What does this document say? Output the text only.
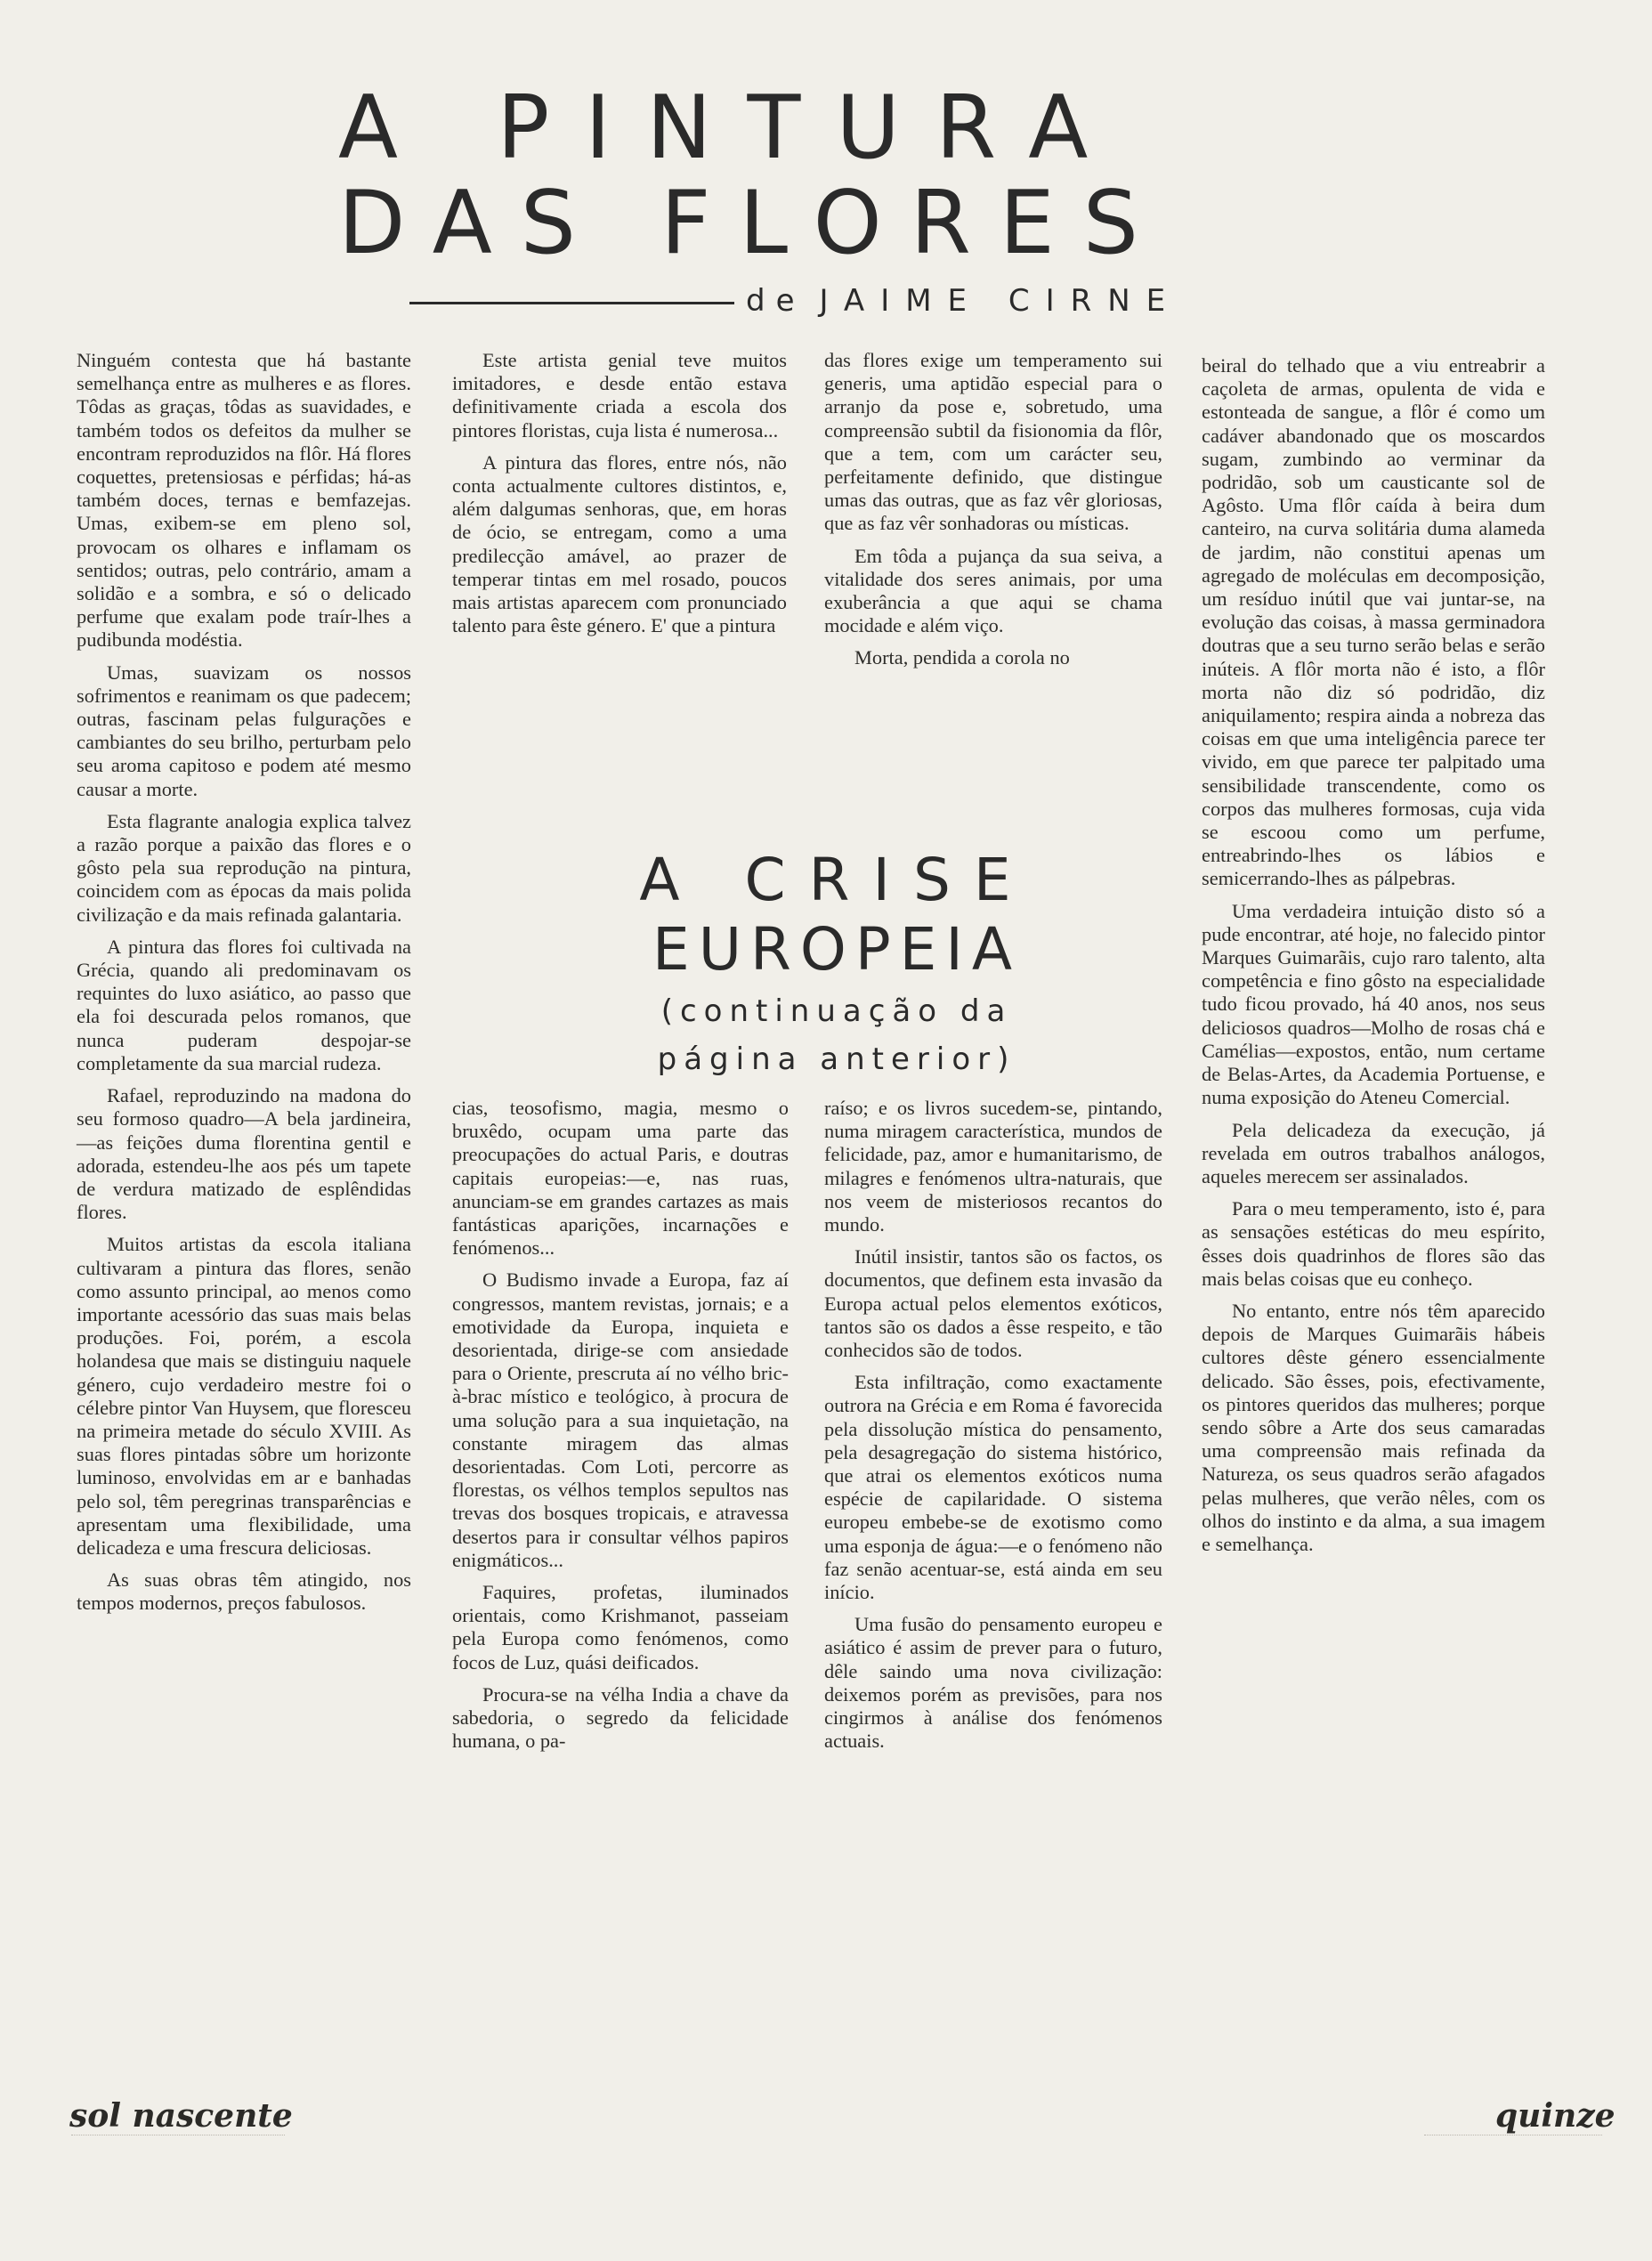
A PINTURA
DAS FLORES
de JAIME CIRNE

Ninguém contesta que há bastante semelhança entre as mulheres e as flores. Tôdas as graças, tôdas as suavidades, e também todos os defeitos da mulher se encontram reproduzidos na flôr. Há flores coquettes, pretensiosas e pérfidas; há-as também doces, ternas e bemfazejas. Umas, exibem-se em pleno sol, provocam os olhares e inflamam os sentidos; outras, pelo contrário, amam a solidão e a sombra, e só o delicado perfume que exalam pode traír-lhes a pudibunda modéstia.

Umas, suavizam os nossos sofrimentos e reanimam os que padecem; outras, fascinam pelas fulgurações e cambiantes do seu brilho, perturbam pelo seu aroma capitoso e podem até mesmo causar a morte.

Esta flagrante analogia explica talvez a razão porque a paixão das flores e o gôsto pela sua reprodução na pintura, coincidem com as épocas da mais polida civilização e da mais refinada galantaria.

A pintura das flores foi cultivada na Grécia, quando ali predominavam os requintes do luxo asiático, ao passo que ela foi descurada pelos romanos, que nunca puderam despojar-se completamente da sua marcial rudeza.

Rafael, reproduzindo na madona do seu formoso quadro—A bela jardineira,—as feições duma florentina gentil e adorada, estendeu-lhe aos pés um tapete de verdura matizado de esplêndidas flores.

Muitos artistas da escola italiana cultivaram a pintura das flores, senão como assunto principal, ao menos como importante acessório das suas mais belas produções. Foi, porém, a escola holandesa que mais se distinguiu naquele género, cujo verdadeiro mestre foi o célebre pintor Van Huysem, que floresceu na primeira metade do século XVIII. As suas flores pintadas sôbre um horizonte luminoso, envolvidas em ar e banhadas pelo sol, têm peregrinas transparências e apresentam uma flexibilidade, uma delicadeza e uma frescura deliciosas.

As suas obras têm atingido, nos tempos modernos, preços fabulosos.

Este artista genial teve muitos imitadores, e desde então estava definitivamente criada a escola dos pintores floristas, cuja lista é numerosa...

A pintura das flores, entre nós, não conta actualmente cultores distintos, e, além dalgumas senhoras, que, em horas de ócio, se entregam, como a uma predilecção amável, ao prazer de temperar tintas em mel rosado, poucos mais artistas aparecem com pronunciado talento para êste género. E' que a pintura

das flores exige um temperamento sui generis, uma aptidão especial para o arranjo da pose e, sobretudo, uma compreensão subtil da fisionomia da flôr, que a tem, com um carácter seu, perfeitamente definido, que distingue umas das outras, que as faz vêr gloriosas, que as faz vêr sonhadoras ou místicas.

Em tôda a pujança da sua seiva, a vitalidade dos seres animais, por uma exuberância a que aqui se chama mocidade e além viço.

Morta, pendida a corola no

beiral do telhado que a viu entreabrir a caçoleta de armas, opulenta de vida e estonteada de sangue, a flôr é como um cadáver abandonado que os moscardos sugam, zumbindo ao verminar da podridão, sob um causticante sol de Agôsto. Uma flôr caída à beira dum canteiro, na curva solitária duma alameda de jardim, não constitui apenas um agregado de moléculas em decomposição, um resíduo inútil que vai juntar-se, na evolução das coisas, à massa germinadora doutras que a seu turno serão belas e serão inúteis. A flôr morta não é isto, a flôr morta não diz só podridão, diz aniquilamento; respira ainda a nobreza das coisas em que uma inteligência parece ter vivido, em que parece ter palpitado uma sensibilidade transcendente, como os corpos das mulheres formosas, cuja vida se escoou como um perfume, entreabrindo-lhes os lábios e semicerrando-lhes as pálpebras.

Uma verdadeira intuição disto só a pude encontrar, até hoje, no falecido pintor Marques Guimarãis, cujo raro talento, alta competência e fino gôsto na especialidade tudo ficou provado, há 40 anos, nos seus deliciosos quadros—Molho de rosas chá e Camélias—expostos, então, num certame de Belas-Artes, da Academia Portuense, e numa exposição do Ateneu Comercial.

Pela delicadeza da execução, já revelada em outros trabalhos análogos, aqueles merecem ser assinalados.

Para o meu temperamento, isto é, para as sensações estéticas do meu espírito, êsses dois quadrinhos de flores são das mais belas coisas que eu conheço.

No entanto, entre nós têm aparecido depois de Marques Guimarãis hábeis cultores dêste género essencialmente delicado. São êsses, pois, efectivamente, os pintores queridos das mulheres; porque sendo sôbre a Arte dos seus camaradas uma compreensão mais refinada da Natureza, os seus quadros serão afagados pelas mulheres, que verão nêles, com os olhos do instinto e da alma, a sua imagem e semelhança.

A CRISE
EUROPEIA
(continuação da
página anterior)

cias, teosofismo, magia, mesmo o bruxêdo, ocupam uma parte das preocupações do actual Paris, e doutras capitais europeias:—e, nas ruas, anunciam-se em grandes cartazes as mais fantásticas aparições, incarnações e fenómenos...

O Budismo invade a Europa, faz aí congressos, mantem revistas, jornais; e a emotividade da Europa, inquieta e desorientada, dirige-se com ansiedade para o Oriente, prescruta aí no vélho bric-à-brac místico e teológico, à procura de uma solução para a sua inquietação, na constante miragem das almas desorientadas. Com Loti, percorre as florestas, os vélhos templos sepultos nas trevas dos bosques tropicais, e atravessa desertos para ir consultar vélhos papiros enigmáticos...

Faquires, profetas, iluminados orientais, como Krishmanot, passeiam pela Europa como fenómenos, como focos de Luz, quási deificados.

Procura-se na vélha India a chave da sabedoria, o segredo da felicidade humana, o pa-

raíso; e os livros sucedem-se, pintando, numa miragem característica, mundos de felicidade, paz, amor e humanitarismo, de milagres e fenómenos ultra-naturais, que nos veem de misteriosos recantos do mundo.

Inútil insistir, tantos são os factos, os documentos, que definem esta invasão da Europa actual pelos elementos exóticos, tantos são os dados a êsse respeito, e tão conhecidos são de todos.

Esta infiltração, como exactamente outrora na Grécia e em Roma é favorecida pela dissolução mística do pensamento, pela desagregação do sistema histórico, que atrai os elementos exóticos numa espécie de capilaridade. O sistema europeu embebe-se de exotismo como uma esponja de água:—e o fenómeno não faz senão acentuar-se, está ainda em seu início.

Uma fusão do pensamento europeu e asiático é assim de prever para o futuro, dêle saindo uma nova civilização: deixemos porém as previsões, para nos cingirmos à análise dos fenómenos actuais.

sol nascente	quinze
